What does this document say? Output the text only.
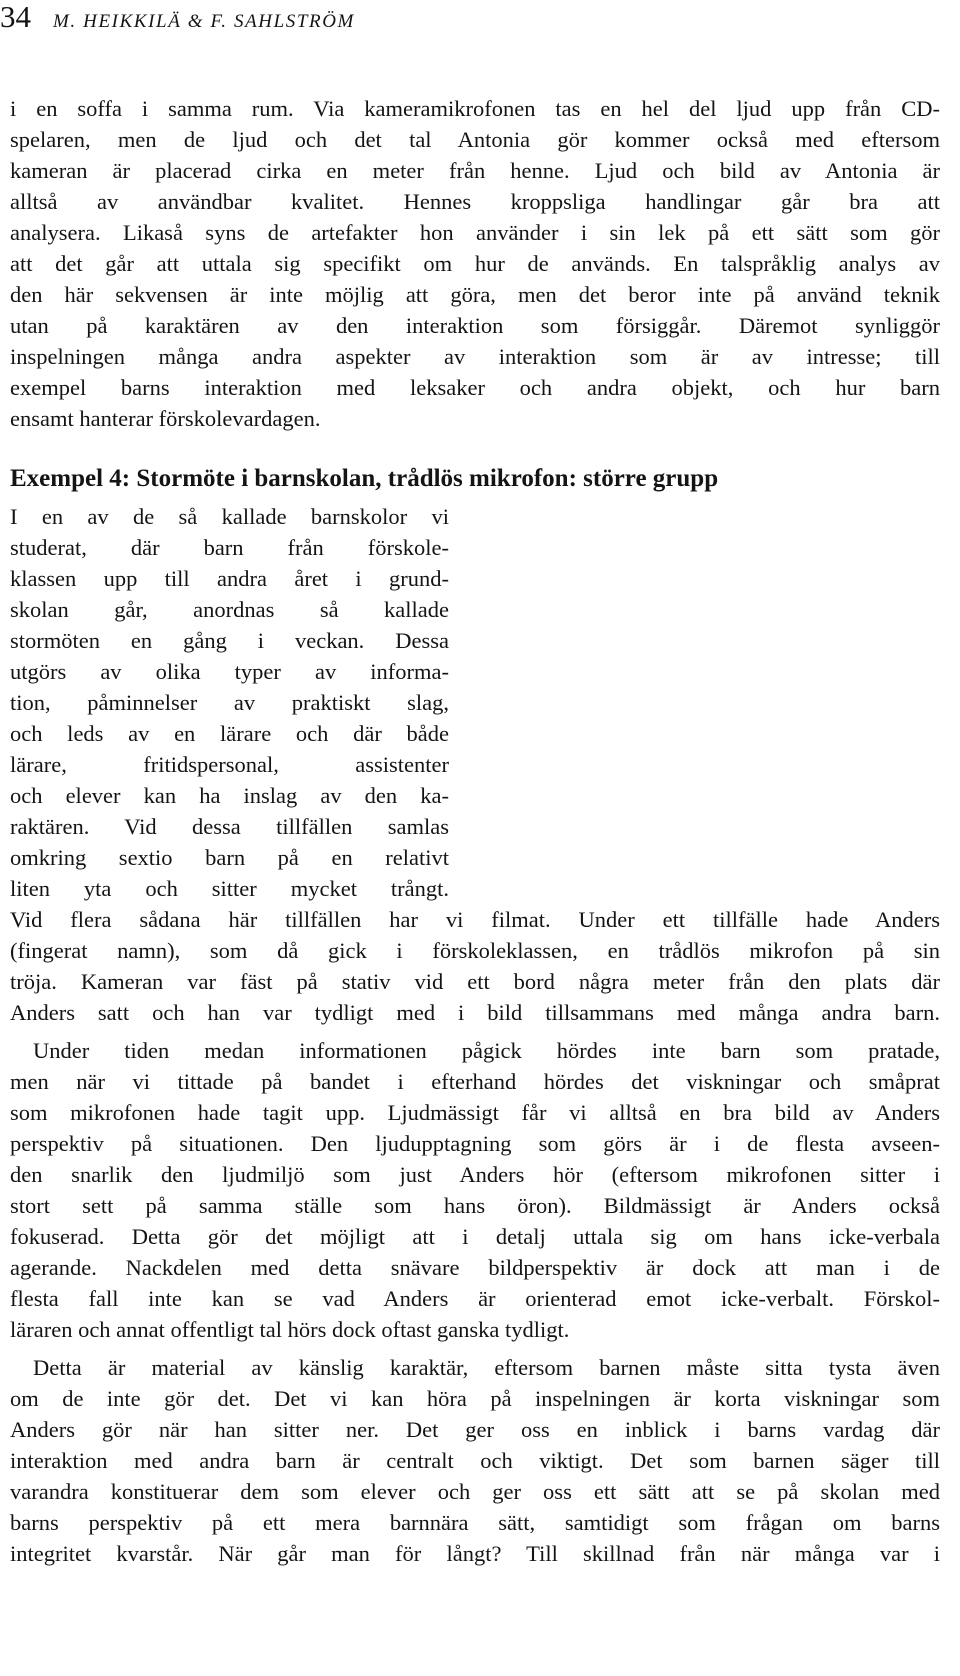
34 M. HEIKKILÄ & F. SAHLSTRÖM
i en soffa i samma rum. Via kameramikrofonen tas en hel del ljud upp från CD-
spelaren, men de ljud och det tal Antonia gör kommer också med eftersom
kameran är placerad cirka en meter från henne. Ljud och bild av Antonia är
alltså av användbar kvalitet. Hennes kroppsliga handlingar går bra att
analysera. Likaså syns de artefakter hon använder i sin lek på ett sätt som gör
att det går att uttala sig specifikt om hur de används. En talspråklig analys av
den här sekvensen är inte möjlig att göra, men det beror inte på använd teknik
utan på karaktären av den interaktion som försiggår. Däremot synliggör
inspelningen många andra aspekter av interaktion som är av intresse; till
exempel barns interaktion med leksaker och andra objekt, och hur barn
ensamt hanterar förskolevardagen.
Exempel 4: Stormöte i barnskolan, trådlös mikrofon: större grupp
I en av de så kallade barnskolor vi
studerat, där barn från förskole-
klassen upp till andra året i grund-
skolan går, anordnas så kallade
stormöten en gång i veckan. Dessa
utgörs av olika typer av informa-
tion, påminnelser av praktiskt slag,
och leds av en lärare och där både
lärare, fritidspersonal, assistenter
och elever kan ha inslag av den ka-
raktären. Vid dessa tillfällen samlas
omkring sextio barn på en relativt
liten yta och sitter mycket trångt.
Vid flera sådana här tillfällen har vi filmat. Under ett tillfälle hade Anders
(fingerat namn), som då gick i förskoleklassen, en trådlös mikrofon på sin
tröja. Kameran var fäst på stativ vid ett bord några meter från den plats där
Anders satt och han var tydligt med i bild tillsammans med många andra barn.
Under tiden medan informationen pågick hördes inte barn som pratade,
men när vi tittade på bandet i efterhand hördes det viskningar och småprat
som mikrofonen hade tagit upp. Ljudmässigt får vi alltså en bra bild av Anders
perspektiv på situationen. Den ljudupptagning som görs är i de flesta avseen-
den snarlik den ljudmiljö som just Anders hör (eftersom mikrofonen sitter i
stort sett på samma ställe som hans öron). Bildmässigt är Anders också
fokuserad. Detta gör det möjligt att i detalj uttala sig om hans icke-verbala
agerande. Nackdelen med detta snävare bildperspektiv är dock att man i de
flesta fall inte kan se vad Anders är orienterad emot icke-verbalt. Förskol-
läraren och annat offentligt tal hörs dock oftast ganska tydligt.
Detta är material av känslig karaktär, eftersom barnen måste sitta tysta även
om de inte gör det. Det vi kan höra på inspelningen är korta viskningar som
Anders gör när han sitter ner. Det ger oss en inblick i barns vardag där
interaktion med andra barn är centralt och viktigt. Det som barnen säger till
varandra konstituerar dem som elever och ger oss ett sätt att se på skolan med
barns perspektiv på ett mera barnnära sätt, samtidigt som frågan om barns
integritet kvarstår. När går man för långt? Till skillnad från när många var i
